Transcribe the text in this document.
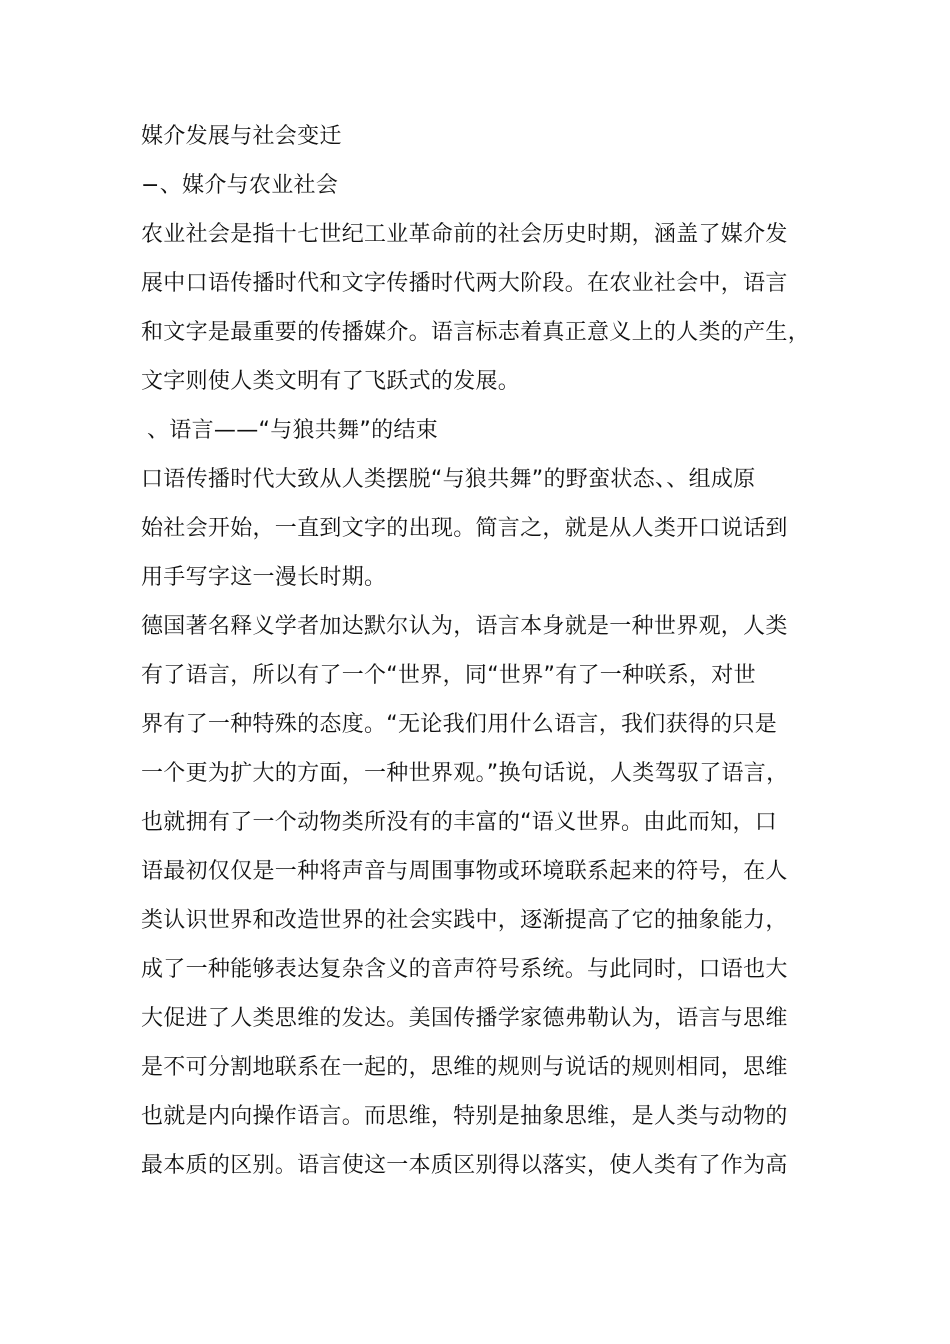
媒介发展与社会变迁
−、媒介与农业社会
农业社会是指十七世纪工业革命前的社会历史时期，涵盖了媒介发
展中口语传播时代和文字传播时代两大阶段。在农业社会中，语言
和文字是最重要的传播媒介。语言标志着真正意义上的人类的产生，
文字则使人类文明有了飞跃式的发展。
、语言——“与狼共舞”的结束
口语传播时代大致从人类摆脱“与狼共舞”的野蛮状态、、组成原
始社会开始，一直到文字的出现。简言之，就是从人类开口说话到
用手写字这一漫长时期。
德国著名释义学者加达默尔认为，语言本身就是一种世界观，人类
有了语言，所以有了一个“世界，同“世界”有了一种咲系，对世
界有了一种特殊的态度。“无论我们用什么语言，我们获得的只是
一个更为扩大的方面，一种世界观。”换句话说，人类驾驭了语言，
也就拥有了一个动物类所没有的丰富的“语义世界。由此而知，口
语最初仅仅是一种将声音与周围事物或环境联系起来的符号，在人
类认识世界和改造世界的社会实践中，逐渐提高了它的抽象能力，
成了一种能够表达复杂含义的音声符号系统。与此同时，口语也大
大促进了人类思维的发达。美国传播学家德弗勒认为，语言与思维
是不可分割地联系在一起的，思维的规则与说话的规则相同，思维
也就是内向操作语言。而思维，特别是抽象思维，是人类与动物的
最本质的区别。语言使这一本质区别得以落实，使人类有了作为高
